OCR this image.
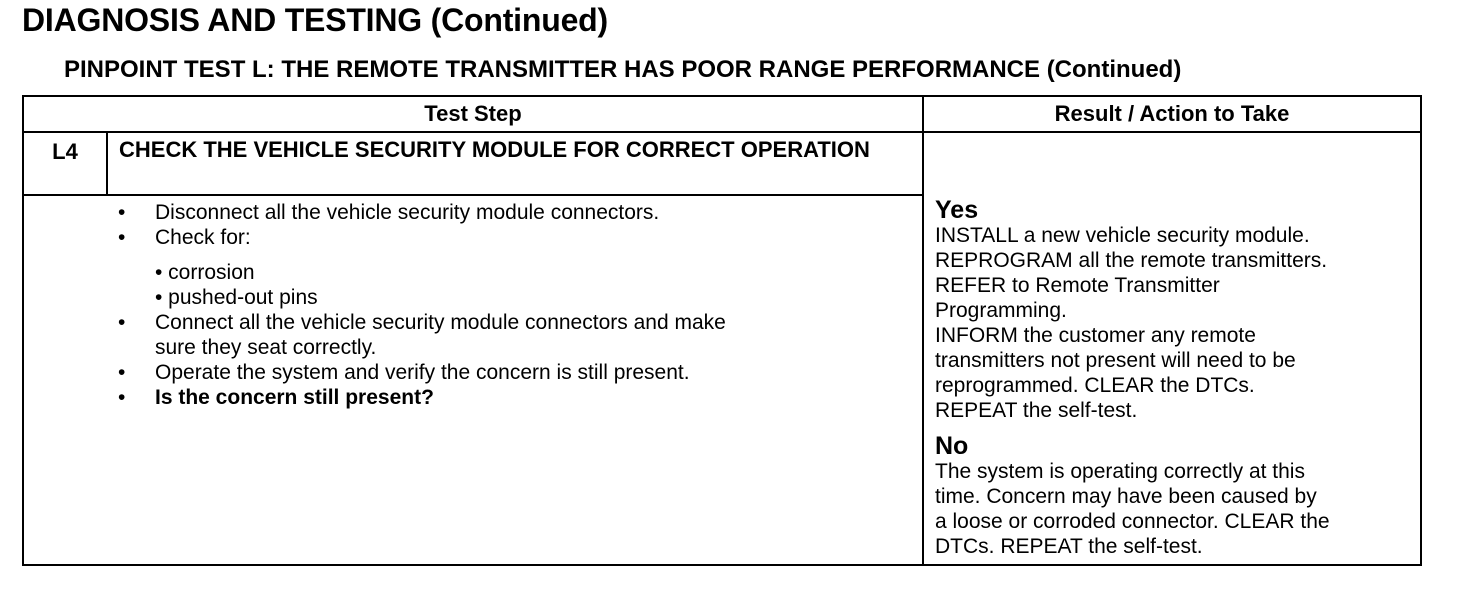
DIAGNOSIS AND TESTING (Continued)
PINPOINT TEST L: THE REMOTE TRANSMITTER HAS POOR RANGE PERFORMANCE (Continued)
Test Step	Result / Action to Take
L4	CHECK THE VEHICLE SECURITY MODULE FOR CORRECT OPERATION
• Disconnect all the vehicle security module connectors.
• Check for:
• corrosion
• pushed-out pins
• Connect all the vehicle security module connectors and make
sure they seat correctly.
• Operate the system and verify the concern is still present.
• Is the concern still present?
Yes
INSTALL a new vehicle security module.
REPROGRAM all the remote transmitters.
REFER to Remote Transmitter
Programming.
INFORM the customer any remote
transmitters not present will need to be
reprogrammed. CLEAR the DTCs.
REPEAT the self-test.
No
The system is operating correctly at this
time. Concern may have been caused by
a loose or corroded connector. CLEAR the
DTCs. REPEAT the self-test.
